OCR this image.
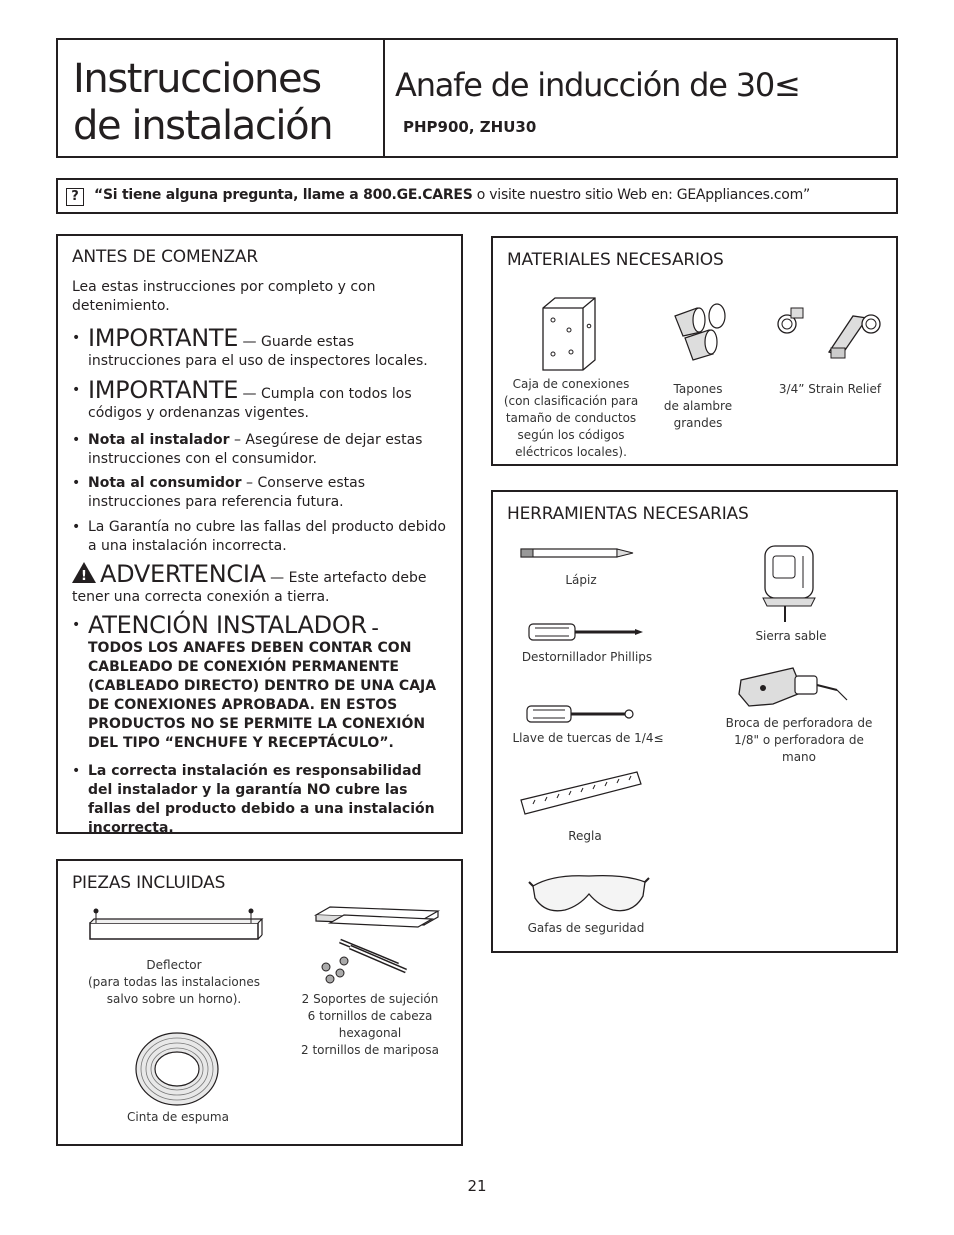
Instrucciones
de instalación
Anafe de inducción de 30≤
PHP900, ZHU30
?	“Si tiene alguna pregunta, llame a 800.GE.CARES o visite nuestro sitio Web en: GEAppliances.com”
ANTES DE COMENZAR
Lea estas instrucciones por completo y con detenimiento.
• IMPORTANTE — Guarde estas instrucciones para el uso de inspectores locales.
• IMPORTANTE — Cumpla con todos los códigos y ordenanzas vigentes.
• Nota al instalador – Asegúrese de dejar estas instrucciones con el consumidor.
• Nota al consumidor – Conserve estas instrucciones para referencia futura.
• La Garantía no cubre las fallas del producto debido a una instalación incorrecta.
! ADVERTENCIA — Este artefacto debe tener una correcta conexión a tierra.
• ATENCIÓN INSTALADOR –
TODOS LOS ANAFES DEBEN CONTAR CON CABLEADO DE CONEXIÓN PERMANENTE (CABLEADO DIRECTO) DENTRO DE UNA CAJA DE CONEXIONES APROBADA. EN ESTOS PRODUCTOS NO SE PERMITE LA CONEXIÓN DEL TIPO “ENCHUFE Y RECEPTÁCULO”.
• La correcta instalación es responsabilidad del instalador y la garantía NO cubre las fallas del producto debido a una instalación incorrecta.
PIEZAS INCLUIDAS
Deflector
(para todas las instalaciones
salvo sobre un horno).	2 Soportes de sujeción
6 tornillos de cabeza
hexagonal
2 tornillos de mariposa
Cinta de espuma
MATERIALES NECESARIOS
Caja de conexiones
(con clasificación para
tamaño de conductos
según los códigos
eléctricos locales).
Tapones
de alambre
grandes
3/4” Strain Relief
HERRAMIENTAS NECESARIAS
Lápiz
Destornillador Phillips
Llave de tuercas de 1/4≤
Regla
Gafas de seguridad
Sierra sable
Broca de perforadora de
1/8" o perforadora de
mano
21
